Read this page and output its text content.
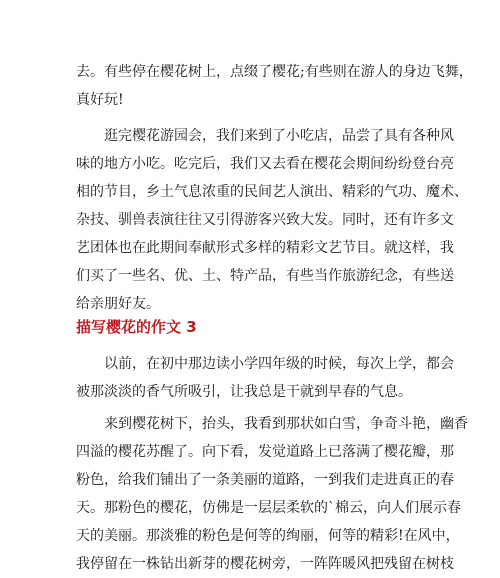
去。有些停在樱花树上，点缀了樱花;有些则在游人的身边飞舞，
真好玩!

　　逛完樱花游园会，我们来到了小吃店，品尝了具有各种风
味的地方小吃。吃完后，我们又去看在樱花会期间纷纷登台亮
相的节目，乡土气息浓重的民间艺人演出、精彩的气功、魔术、
杂技、驯兽表演往往又引得游客兴致大发。同时，还有许多文
艺团体也在此期间奉献形式多样的精彩文艺节目。就这样，我
们买了一些名、优、土、特产品，有些当作旅游纪念，有些送
给亲朋好友。

描写樱花的作文 3

　　以前，在初中那边读小学四年级的时候，每次上学，都会
被那淡淡的香气所吸引，让我总是干就到早春的气息。

　　来到樱花树下，抬头，我看到那状如白雪，争奇斗艳，幽香
四溢的樱花苏醒了。向下看，发觉道路上已落满了樱花瓣，那
粉色，给我们铺出了一条美丽的道路，一到我们走进真正的春
天。那粉色的樱花，仿佛是一层层柔软的`棉云，向人们展示春
天的美丽。那淡雅的粉色是何等的绚丽，何等的精彩!在风中，
我停留在一株钻出新芽的樱花树旁，一阵阵暖风把残留在树枝
